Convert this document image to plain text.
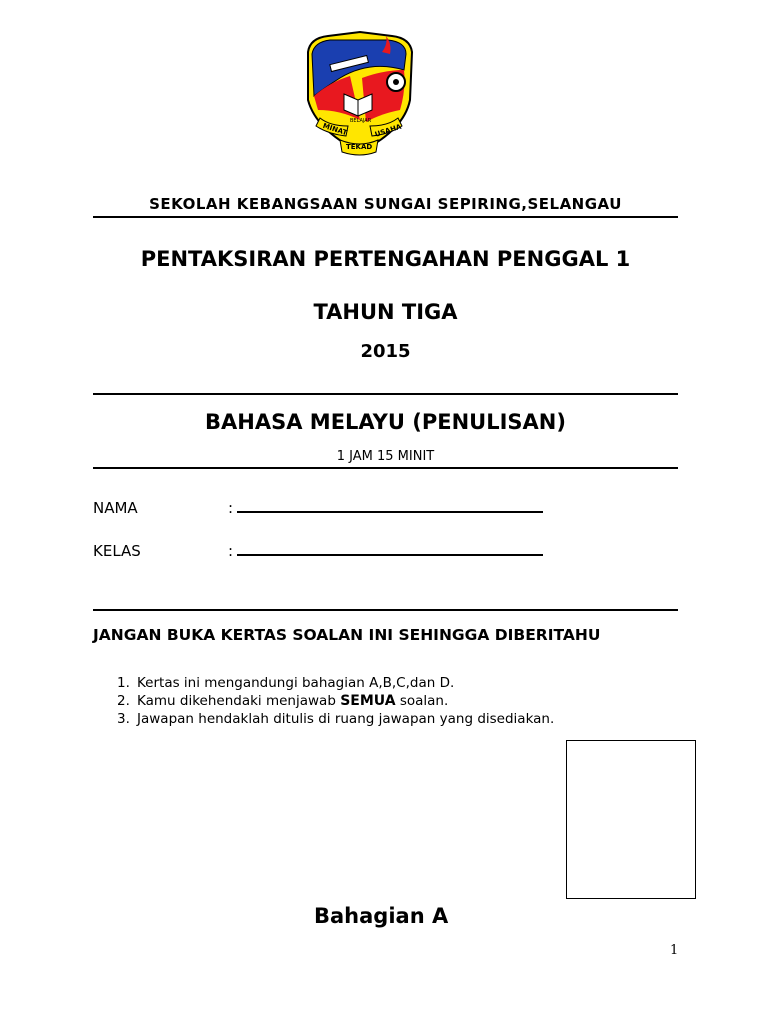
MINAT	USAHA
TEKAD
BELAJAR
SEKOLAH KEBANGSAAN SUNGAI SEPIRING,SELANGAU
PENTAKSIRAN PERTENGAHAN PENGGAL 1
TAHUN TIGA
2015
BAHASA MELAYU (PENULISAN)
1 JAM 15 MINIT
NAMA	:
KELAS	:
JANGAN BUKA KERTAS SOALAN INI SEHINGGA DIBERITAHU
1. Kertas ini mengandungi bahagian A,B,C,dan D.
2. Kamu dikehendaki menjawab SEMUA soalan.
3. Jawapan hendaklah ditulis di ruang jawapan yang disediakan.
Bahagian A
1
